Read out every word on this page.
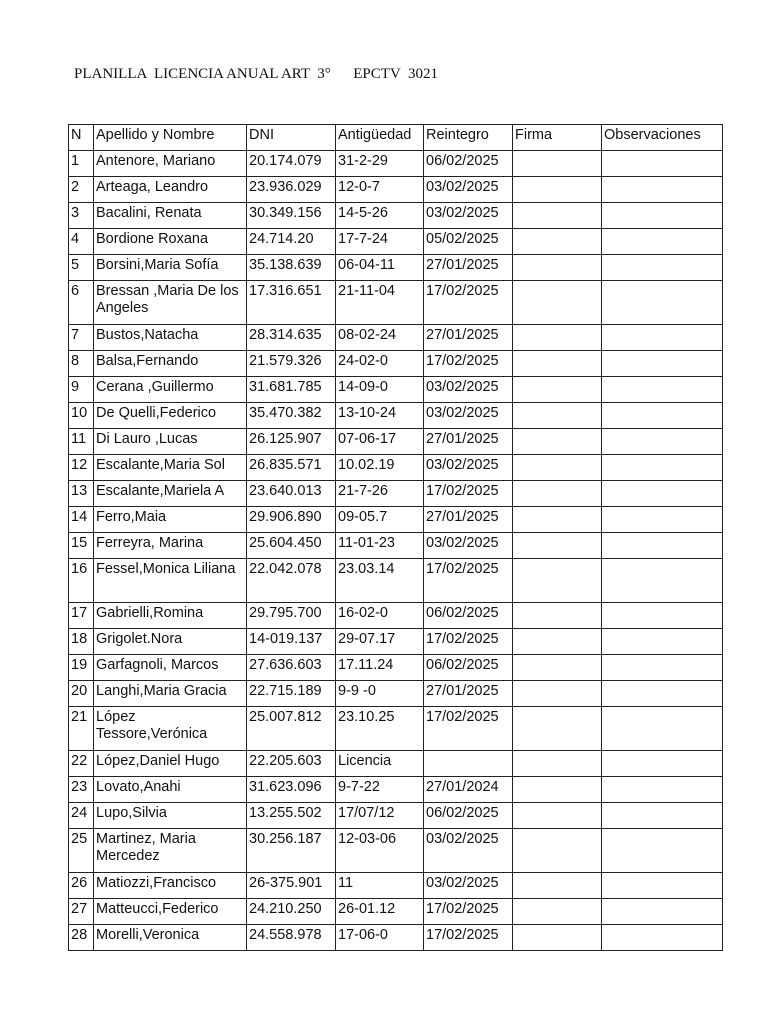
PLANILLA  LICENCIA ANUAL ART  3°      EPCTV  3021
N	Apellido y Nombre	DNI	Antigüedad	Reintegro	Firma	Observaciones
1	Antenore, Mariano	20.174.079	31-2-29	06/02/2025		
2	Arteaga, Leandro	23.936.029	12-0-7	03/02/2025		
3	Bacalini, Renata	30.349.156	14-5-26	03/02/2025		
4	Bordione Roxana	24.714.20	17-7-24	05/02/2025		
5	Borsini,Maria Sofía	35.138.639	06-04-11	27/01/2025		
6	Bressan ,Maria De los Angeles	17.316.651	21-11-04	17/02/2025		
7	Bustos,Natacha	28.314.635	08-02-24	27/01/2025		
8	Balsa,Fernando	21.579.326	24-02-0	17/02/2025		
9	Cerana ,Guillermo	31.681.785	14-09-0	03/02/2025		
10	De Quelli,Federico	35.470.382	13-10-24	03/02/2025		
11	Di Lauro ,Lucas	26.125.907	07-06-17	27/01/2025		
12	Escalante,Maria Sol	26.835.571	10.02.19	03/02/2025		
13	Escalante,Mariela A	23.640.013	21-7-26	17/02/2025		
14	Ferro,Maia	29.906.890	09-05.7	27/01/2025		
15	Ferreyra, Marina	25.604.450	11-01-23	03/02/2025		
16	Fessel,Monica Liliana	22.042.078	23.03.14	17/02/2025		
17	Gabrielli,Romina	29.795.700	16-02-0	06/02/2025		
18	Grigolet.Nora	14-019.137	29-07.17	17/02/2025		
19	Garfagnoli, Marcos	27.636.603	17.11.24	06/02/2025		
20	Langhi,Maria Gracia	22.715.189	9-9 -0	27/01/2025		
21	López Tessore,Verónica	25.007.812	23.10.25	17/02/2025		
22	López,Daniel Hugo	22.205.603	Licencia			
23	Lovato,Anahi	31.623.096	9-7-22	27/01/2024		
24	Lupo,Silvia	13.255.502	17/07/12	06/02/2025		
25	Martinez, Maria Mercedez	30.256.187	12-03-06	03/02/2025		
26	Matiozzi,Francisco	26-375.901	11	03/02/2025		
27	Matteucci,Federico	24.210.250	26-01.12	17/02/2025		
28	Morelli,Veronica	24.558.978	17-06-0	17/02/2025		
